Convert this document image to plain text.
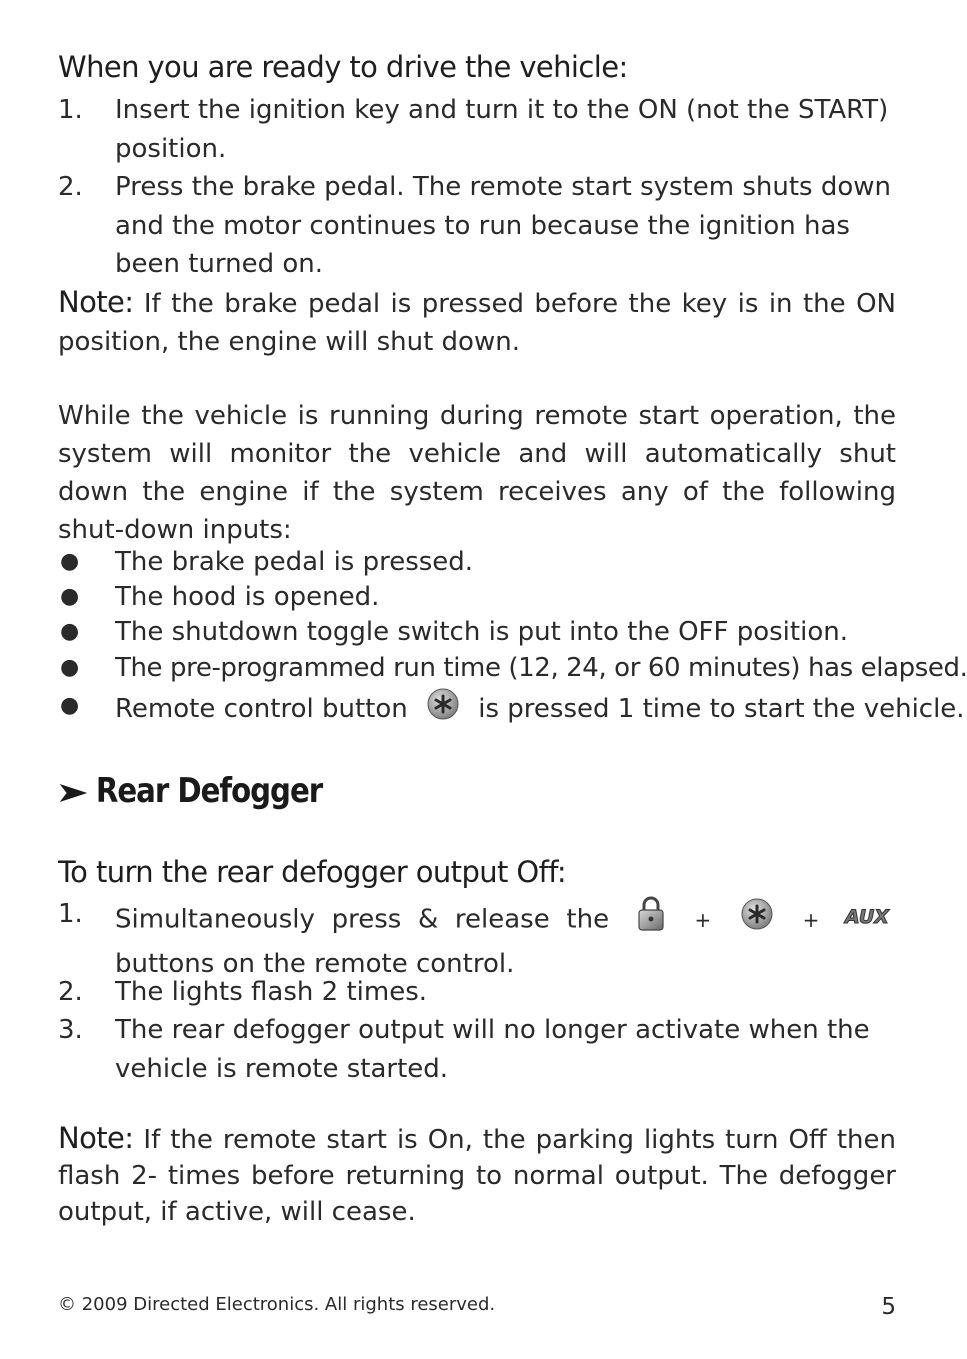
When you are ready to drive the vehicle:
1. Insert the ignition key and turn it to the ON (not the START) position.
2. Press the brake pedal. The remote start system shuts down and the motor continues to run because the ignition has been turned on.
Note: If the brake pedal is pressed before the key is in the ON position, the engine will shut down.
While the vehicle is running during remote start operation, the system will monitor the vehicle and will automatically shut down the engine if the system receives any of the following shut-down inputs:
● The brake pedal is pressed.
● The hood is opened.
● The shutdown toggle switch is put into the OFF position.
● The pre-programmed run time (12, 24, or 60 minutes) has elapsed.
● Remote control button	is pressed 1 time to start the vehicle.
Rear Defogger
To turn the rear defogger output Off:
1. Simultaneously press & release the	+	+ AUX
buttons on the remote control.
2. The lights flash 2 times.
3. The rear defogger output will no longer activate when the vehicle is remote started.
Note: If the remote start is On, the parking lights turn Off then flash 2- times before returning to normal output. The defogger output, if active, will cease.
© 2009 Directed Electronics. All rights reserved.	5
